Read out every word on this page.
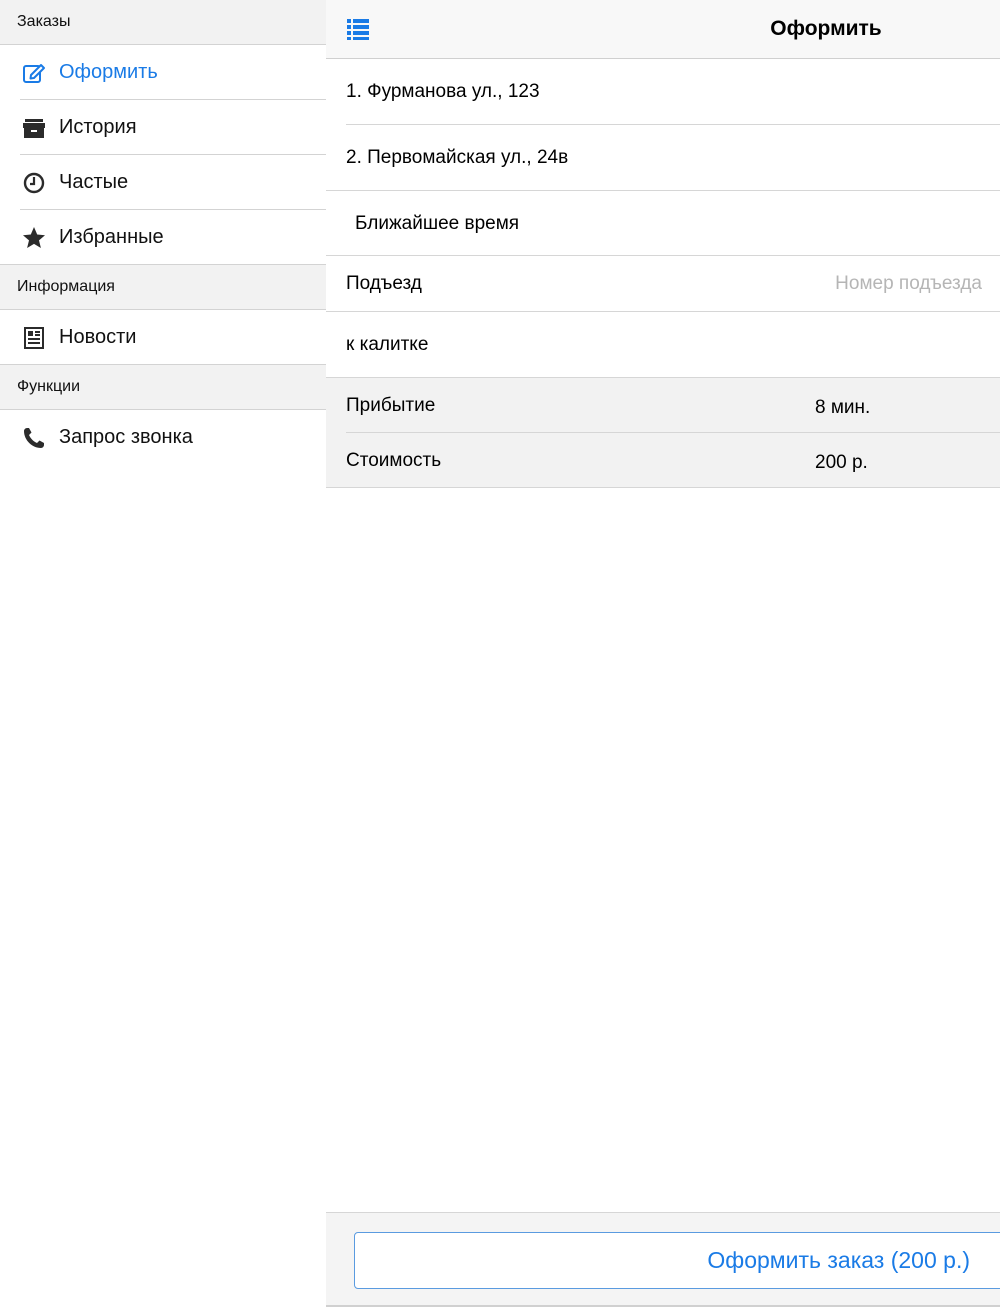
Заказы
Оформить
История
Частые
Избранные
Информация
Новости
Функции
Запрос звонка
Оформить
1. Фурманова ул., 123
2. Первомайская ул., 24в
Ближайшее время
Подъезд
Номер подъезда
к калитке
Прибытие	8 мин.
Стоимость	200 р.
Оформить заказ (200 р.)
